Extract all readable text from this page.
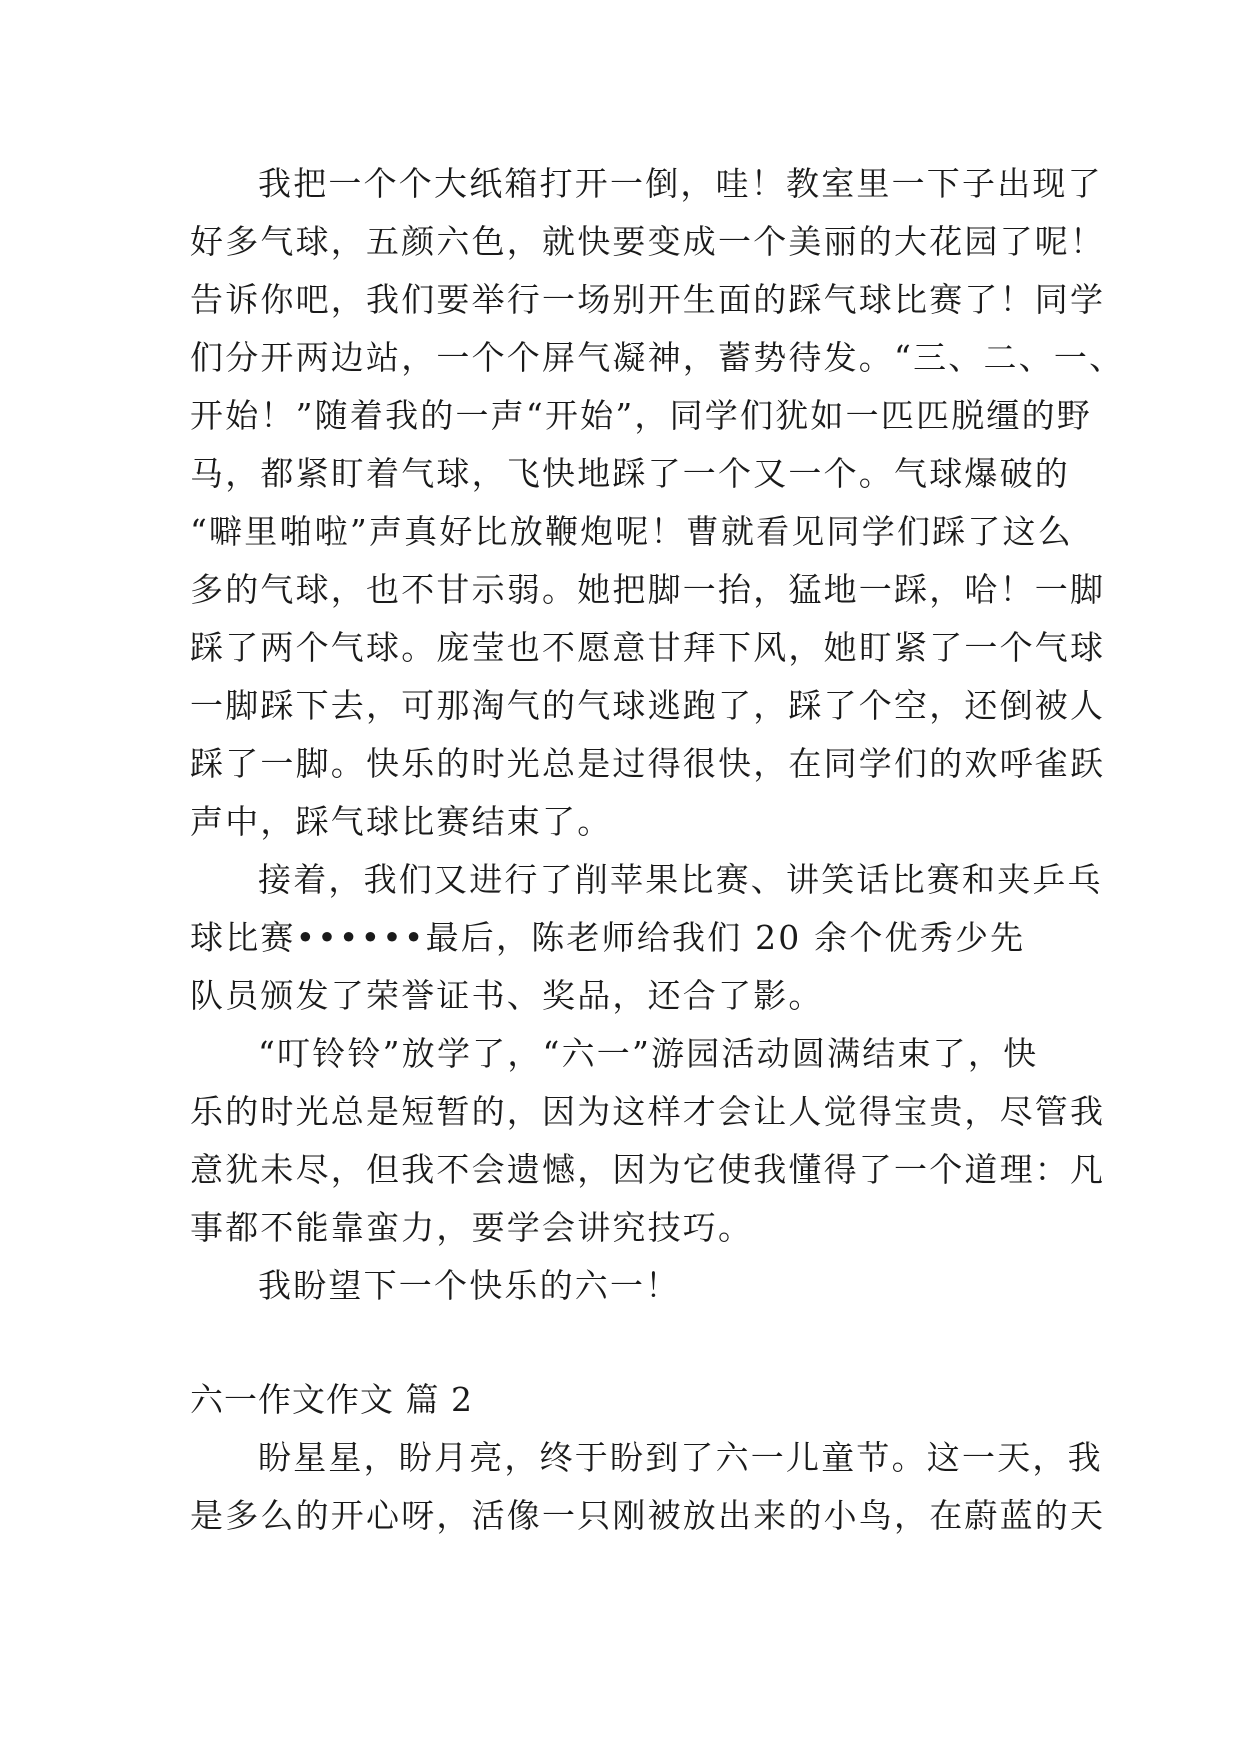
我把一个个大纸箱打开一倒，哇！教室里一下子出现了
好多气球，五颜六色，就快要变成一个美丽的大花园了呢！
告诉你吧，我们要举行一场别开生面的踩气球比赛了！同学
们分开两边站，一个个屏气凝神，蓄势待发。“三、二、一、
开始！”随着我的一声“开始”，同学们犹如一匹匹脱缰的野
马，都紧盯着气球，飞快地踩了一个又一个。气球爆破的
“噼里啪啦”声真好比放鞭炮呢！曹就看见同学们踩了这么
多的气球，也不甘示弱。她把脚一抬，猛地一踩，哈！一脚
踩了两个气球。庞莹也不愿意甘拜下风，她盯紧了一个气球
一脚踩下去，可那淘气的气球逃跑了，踩了个空，还倒被人
踩了一脚。快乐的时光总是过得很快，在同学们的欢呼雀跃
声中，踩气球比赛结束了。
接着，我们又进行了削苹果比赛、讲笑话比赛和夹乒乓
球比赛••••••最后，陈老师给我们 20 余个优秀少先
队员颁发了荣誉证书、奖品，还合了影。
“叮铃铃”放学了，“六一”游园活动圆满结束了，快
乐的时光总是短暂的，因为这样才会让人觉得宝贵，尽管我
意犹未尽，但我不会遗憾，因为它使我懂得了一个道理：凡
事都不能靠蛮力，要学会讲究技巧。
我盼望下一个快乐的六一！
六一作文作文 篇 2
盼星星，盼月亮，终于盼到了六一儿童节。这一天，我
是多么的开心呀，活像一只刚被放出来的小鸟，在蔚蓝的天
